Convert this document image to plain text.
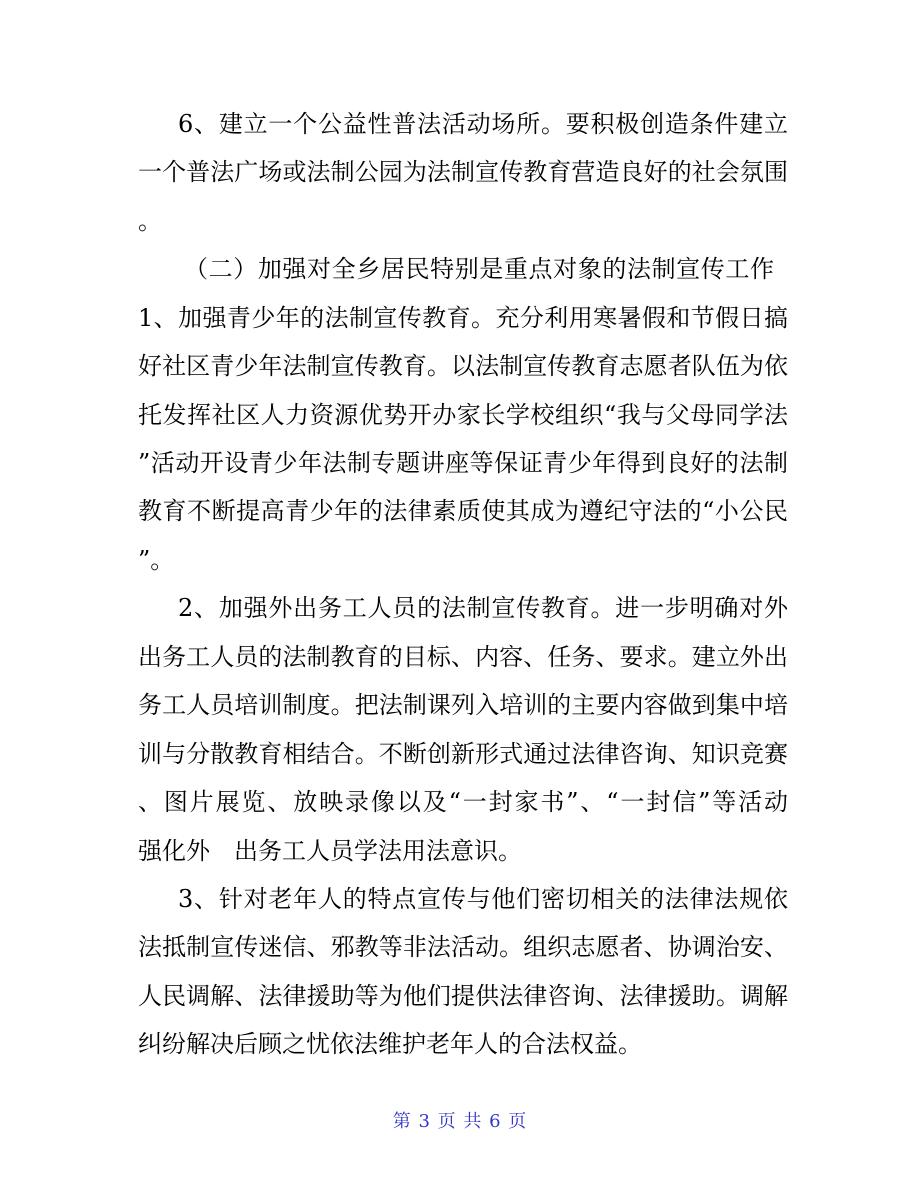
6、建立一个公益性普法活动场所。要积极创造条件建立
一个普法广场或法制公园为法制宣传教育营造良好的社会氛围
。
（二）加强对全乡居民特别是重点对象的法制宣传工作
1、加强青少年的法制宣传教育。充分利用寒暑假和节假日搞
好社区青少年法制宣传教育。以法制宣传教育志愿者队伍为依
托发挥社区人力资源优势开办家长学校组织“我与父母同学法
”活动开设青少年法制专题讲座等保证青少年得到良好的法制
教育不断提高青少年的法律素质使其成为遵纪守法的“小公民
”。
2、加强外出务工人员的法制宣传教育。进一步明确对外
出务工人员的法制教育的目标、内容、任务、要求。建立外出
务工人员培训制度。把法制课列入培训的主要内容做到集中培
训与分散教育相结合。不断创新形式通过法律咨询、知识竞赛
、图片展览、放映录像以及“一封家书”、“一封信”等活动
强化外　出务工人员学法用法意识。
3、针对老年人的特点宣传与他们密切相关的法律法规依
法抵制宣传迷信、邪教等非法活动。组织志愿者、协调治安、
人民调解、法律援助等为他们提供法律咨询、法律援助。调解
纠纷解决后顾之忧依法维护老年人的合法权益。
第 3 页 共 6 页
